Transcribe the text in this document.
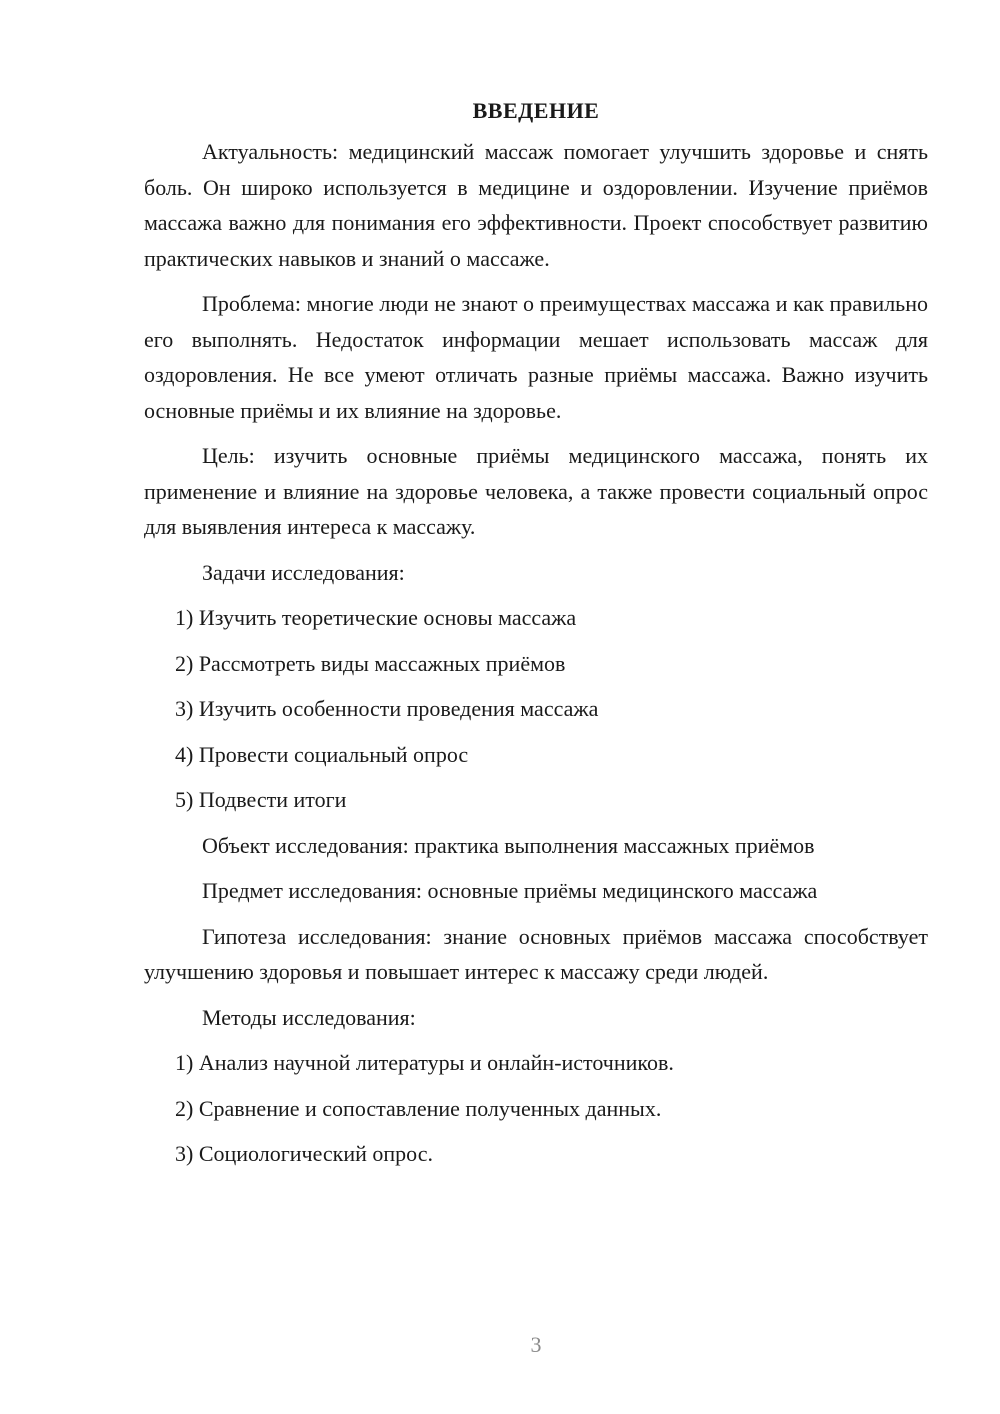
ВВЕДЕНИЕ

Актуальность: медицинский массаж помогает улучшить здоровье и снять боль. Он широко используется в медицине и оздоровлении. Изучение приёмов массажа важно для понимания его эффективности. Проект способствует развитию практических навыков и знаний о массаже.

Проблема: многие люди не знают о преимуществах массажа и как правильно его выполнять. Недостаток информации мешает использовать массаж для оздоровления. Не все умеют отличать разные приёмы массажа. Важно изучить основные приёмы и их влияние на здоровье.

Цель: изучить основные приёмы медицинского массажа, понять их применение и влияние на здоровье человека, а также провести социальный опрос для выявления интереса к массажу.

Задачи исследования:
1) Изучить теоретические основы массажа
2) Рассмотреть виды массажных приёмов
3) Изучить особенности проведения массажа
4) Провести социальный опрос
5) Подвести итоги
Объект исследования: практика выполнения массажных приёмов
Предмет исследования: основные приёмы медицинского массажа

Гипотеза исследования: знание основных приёмов массажа способствует улучшению здоровья и повышает интерес к массажу среди людей.

Методы исследования:
1) Анализ научной литературы и онлайн-источников.
2) Сравнение и сопоставление полученных данных.
3) Социологический опрос.
3
